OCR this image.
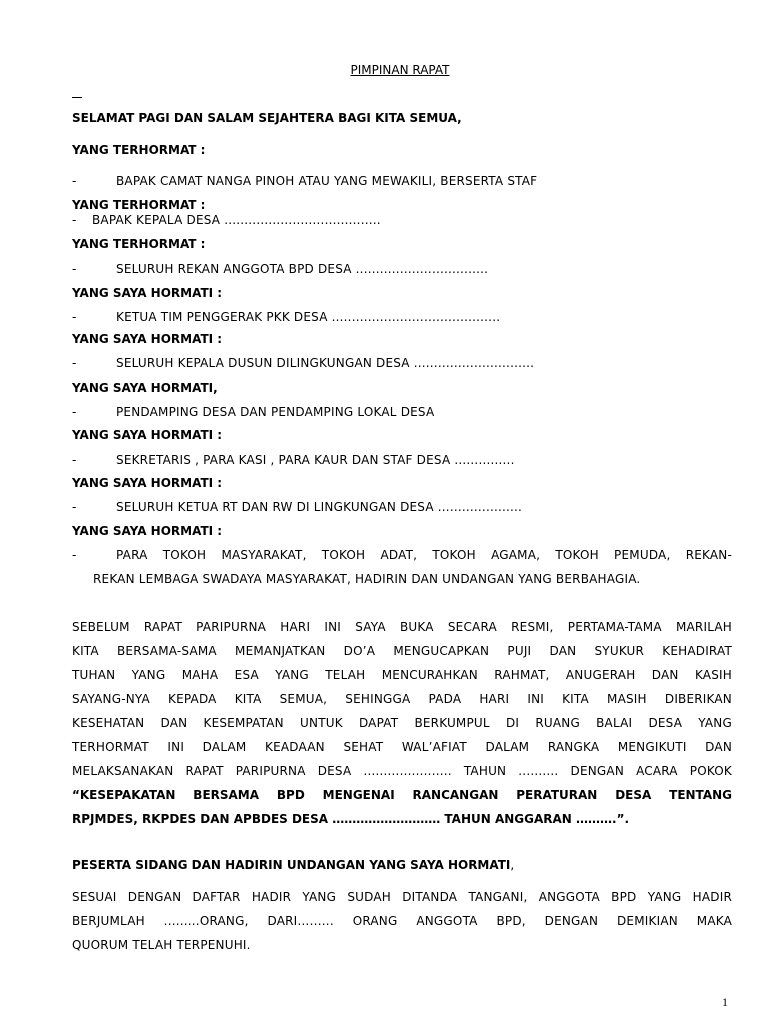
PIMPINAN RAPAT
SELAMAT PAGI DAN SALAM SEJAHTERA BAGI KITA SEMUA,
YANG TERHORMAT :
-	BAPAK CAMAT NANGA PINOH ATAU YANG MEWAKILI, BERSERTA STAF
YANG TERHORMAT :
- BAPAK KEPALA DESA .......................................
YANG TERHORMAT :
-	SELURUH REKAN ANGGOTA BPD DESA .................................
YANG SAYA HORMATI :
-	KETUA TIM PENGGERAK PKK DESA ..........................................
YANG SAYA HORMATI :
-	SELURUH KEPALA DUSUN DILINGKUNGAN DESA ..............................
YANG SAYA HORMATI,
-	PENDAMPING DESA DAN PENDAMPING LOKAL DESA
YANG SAYA HORMATI :
-	SEKRETARIS , PARA KASI , PARA KAUR DAN STAF DESA ...............
YANG SAYA HORMATI :
-	SELURUH KETUA RT DAN RW DI LINGKUNGAN DESA .....................
YANG SAYA HORMATI :
-	PARA TOKOH MASYARAKAT, TOKOH ADAT, TOKOH AGAMA, TOKOH PEMUDA, REKAN-
REKAN LEMBAGA SWADAYA MASYARAKAT, HADIRIN DAN UNDANGAN YANG BERBAHAGIA.
SEBELUM RAPAT PARIPURNA HARI INI SAYA BUKA SECARA RESMI, PERTAMA-TAMA MARILAH
KITA BERSAMA-SAMA MEMANJATKAN DO’A MENGUCAPKAN PUJI DAN SYUKUR KEHADIRAT
TUHAN YANG MAHA ESA YANG TELAH MENCURAHKAN RAHMAT, ANUGERAH DAN KASIH
SAYANG-NYA KEPADA KITA SEMUA, SEHINGGA PADA HARI INI KITA MASIH DIBERIKAN
KESEHATAN DAN KESEMPATAN UNTUK DAPAT BERKUMPUL DI RUANG BALAI DESA YANG
TERHORMAT INI DALAM KEADAAN SEHAT WAL’AFIAT DALAM RANGKA MENGIKUTI DAN
MELAKSANAKAN RAPAT PARIPURNA DESA ...................... TAHUN .......... DENGAN ACARA POKOK
“KESEPAKATAN BERSAMA BPD MENGENAI RANCANGAN PERATURAN DESA TENTANG
RPJMDES, RKPDES DAN APBDES DESA ……………………… TAHUN ANGGARAN ……….”.
PESERTA SIDANG DAN HADIRIN UNDANGAN YANG SAYA HORMATI,
SESUAI DENGAN DAFTAR HADIR YANG SUDAH DITANDA TANGANI, ANGGOTA BPD YANG HADIR
BERJUMLAH .........ORANG, DARI…..…. ORANG ANGGOTA BPD, DENGAN DEMIKIAN MAKA
QUORUM TELAH TERPENUHI.
1
